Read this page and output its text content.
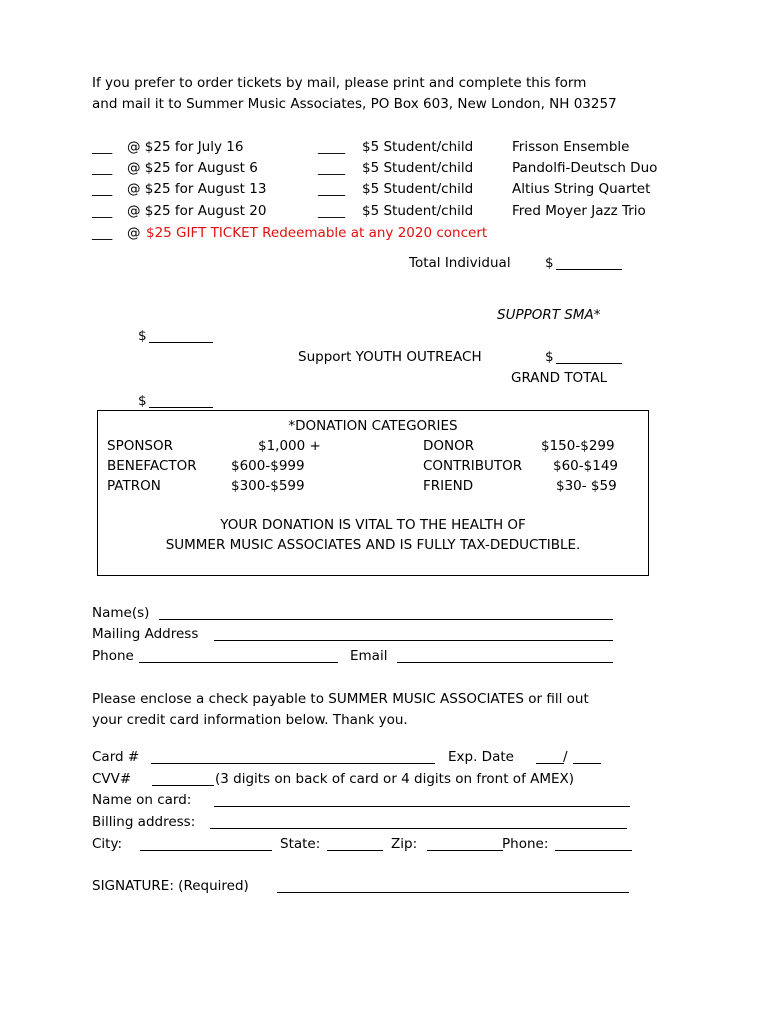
If you prefer to order tickets by mail, please print and complete this form
and mail it to Summer Music Associates, PO Box 603, New London, NH 03257
___ @ $25 for July 16	____ $5 Student/child	Frisson Ensemble
___ @ $25 for August 6	____ $5 Student/child	Pandolfi-Deutsch Duo
___ @ $25 for August 13	____ $5 Student/child	Altius String Quartet
___ @ $25 for August 20	____ $5 Student/child	Fred Moyer Jazz Trio
___ @ $25 GIFT TICKET Redeemable at any 2020 concert
Total Individual	$
SUPPORT SMA*
$
Support YOUTH OUTREACH	$
GRAND TOTAL
$
*DONATION CATEGORIES
SPONSOR	$1,000 +	DONOR	$150-$299
BENEFACTOR	$600-$999	CONTRIBUTOR $60-$149
PATRON	$300-$599	FRIEND	$30- $59
YOUR DONATION IS VITAL TO THE HEALTH OF
SUMMER MUSIC ASSOCIATES AND IS FULLY TAX-DEDUCTIBLE.
Name(s)
Mailing Address
Phone	Email
Please enclose a check payable to SUMMER MUSIC ASSOCIATES or fill out
your credit card information below. Thank you.
Card #	Exp. Date	/
CVV#	(3 digits on back of card or 4 digits on front of AMEX)
Name on card:
Billing address:
City:	State:	Zip:	Phone:
SIGNATURE: (Required)
